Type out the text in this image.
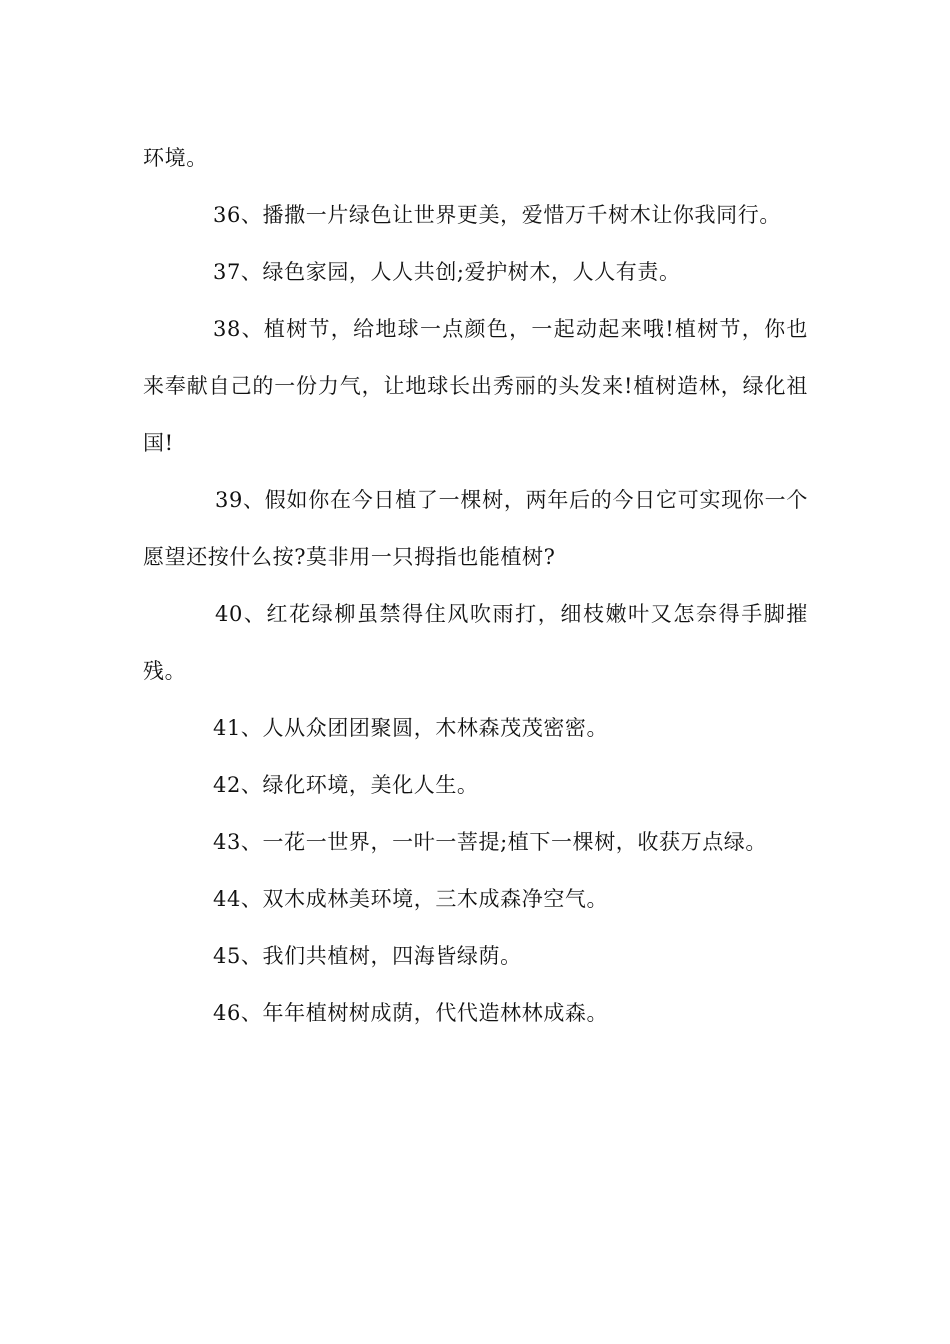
环境。

36、播撒一片绿色让世界更美，爱惜万千树木让你我同行。

37、绿色家园，人人共创;爱护树木，人人有责。

38、植树节，给地球一点颜色，一起动起来哦!植树节，你也来奉献自己的一份力气，让地球长出秀丽的头发来!植树造林，绿化祖国!

39、假如你在今日植了一棵树，两年后的今日它可实现你一个愿望还按什么按?莫非用一只拇指也能植树?

40、红花绿柳虽禁得住风吹雨打，细枝嫩叶又怎奈得手脚摧残。

41、人从众团团聚圆，木林森茂茂密密。

42、绿化环境，美化人生。

43、一花一世界，一叶一菩提;植下一棵树，收获万点绿。

44、双木成林美环境，三木成森净空气。

45、我们共植树，四海皆绿荫。

46、年年植树树成荫，代代造林林成森。
